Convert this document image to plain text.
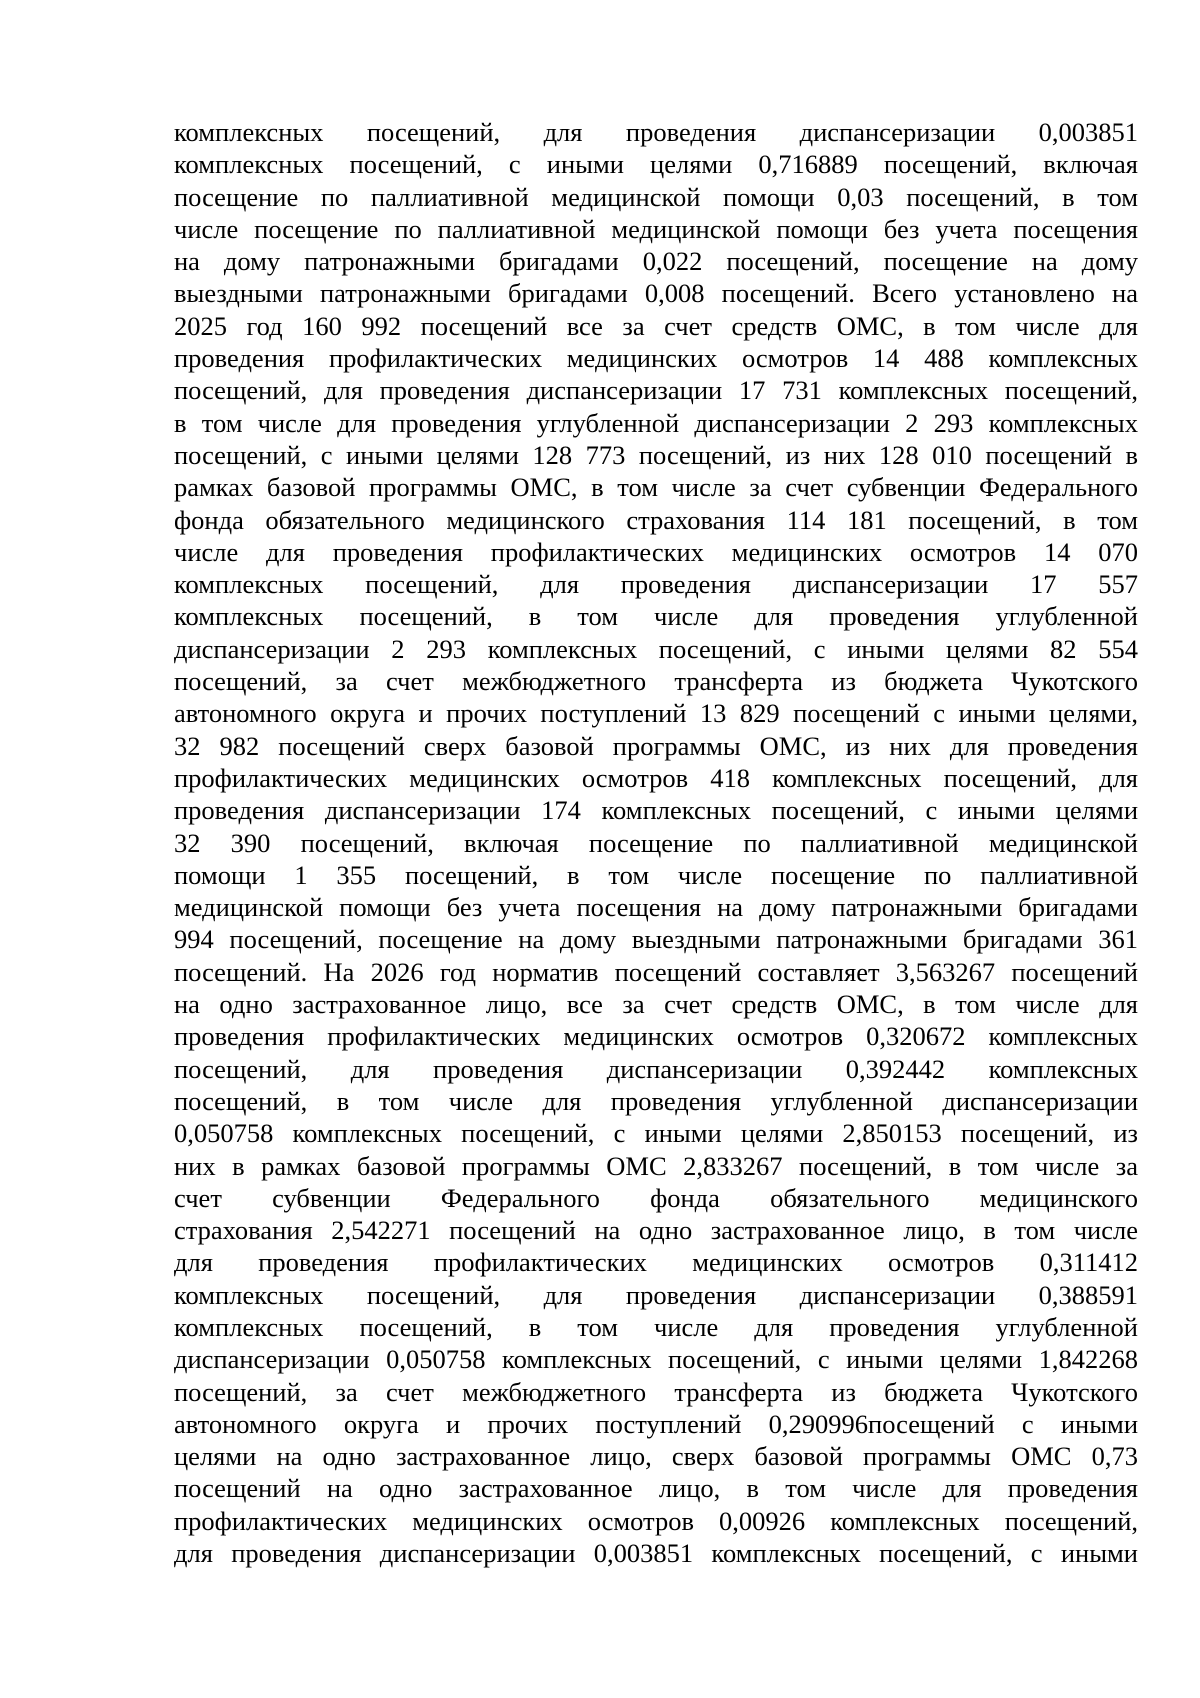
комплексных посещений, для проведения диспансеризации 0,003851
комплексных посещений, с иными целями 0,716889 посещений, включая
посещение по паллиативной медицинской помощи 0,03 посещений, в том
числе посещение по паллиативной медицинской помощи без учета посещения
на дому патронажными бригадами 0,022 посещений, посещение на дому
выездными патронажными бригадами 0,008 посещений. Всего установлено на
2025 год 160 992 посещений все за счет средств ОМС, в том числе для
проведения профилактических медицинских осмотров 14 488 комплексных
посещений, для проведения диспансеризации 17 731 комплексных посещений,
в том числе для проведения углубленной диспансеризации 2 293 комплексных
посещений, с иными целями 128 773 посещений, из них 128 010 посещений в
рамках базовой программы ОМС, в том числе за счет субвенции Федерального
фонда обязательного медицинского страхования 114 181 посещений, в том
числе для проведения профилактических медицинских осмотров 14 070
комплексных посещений, для проведения диспансеризации 17 557
комплексных посещений, в том числе для проведения углубленной
диспансеризации 2 293 комплексных посещений, с иными целями 82 554
посещений, за счет межбюджетного трансферта из бюджета Чукотского
автономного округа и прочих поступлений 13 829 посещений с иными целями,
32 982 посещений сверх базовой программы ОМС, из них для проведения
профилактических медицинских осмотров 418 комплексных посещений, для
проведения диспансеризации 174 комплексных посещений, с иными целями
32 390 посещений, включая посещение по паллиативной медицинской
помощи 1 355 посещений, в том числе посещение по паллиативной
медицинской помощи без учета посещения на дому патронажными бригадами
994 посещений, посещение на дому выездными патронажными бригадами 361
посещений. На 2026 год норматив посещений составляет 3,563267 посещений
на одно застрахованное лицо, все за счет средств ОМС, в том числе для
проведения профилактических медицинских осмотров 0,320672 комплексных
посещений, для проведения диспансеризации 0,392442 комплексных
посещений, в том числе для проведения углубленной диспансеризации
0,050758 комплексных посещений, с иными целями 2,850153 посещений, из
них в рамках базовой программы ОМС 2,833267 посещений, в том числе за
счет субвенции Федерального фонда обязательного медицинского
страхования 2,542271 посещений на одно застрахованное лицо, в том числе
для проведения профилактических медицинских осмотров 0,311412
комплексных посещений, для проведения диспансеризации 0,388591
комплексных посещений, в том числе для проведения углубленной
диспансеризации 0,050758 комплексных посещений, с иными целями 1,842268
посещений, за счет межбюджетного трансферта из бюджета Чукотского
автономного округа и прочих поступлений 0,290996посещений с иными
целями на одно застрахованное лицо, сверх базовой программы ОМС 0,73
посещений на одно застрахованное лицо, в том числе для проведения
профилактических медицинских осмотров 0,00926 комплексных посещений,
для проведения диспансеризации 0,003851 комплексных посещений, с иными
